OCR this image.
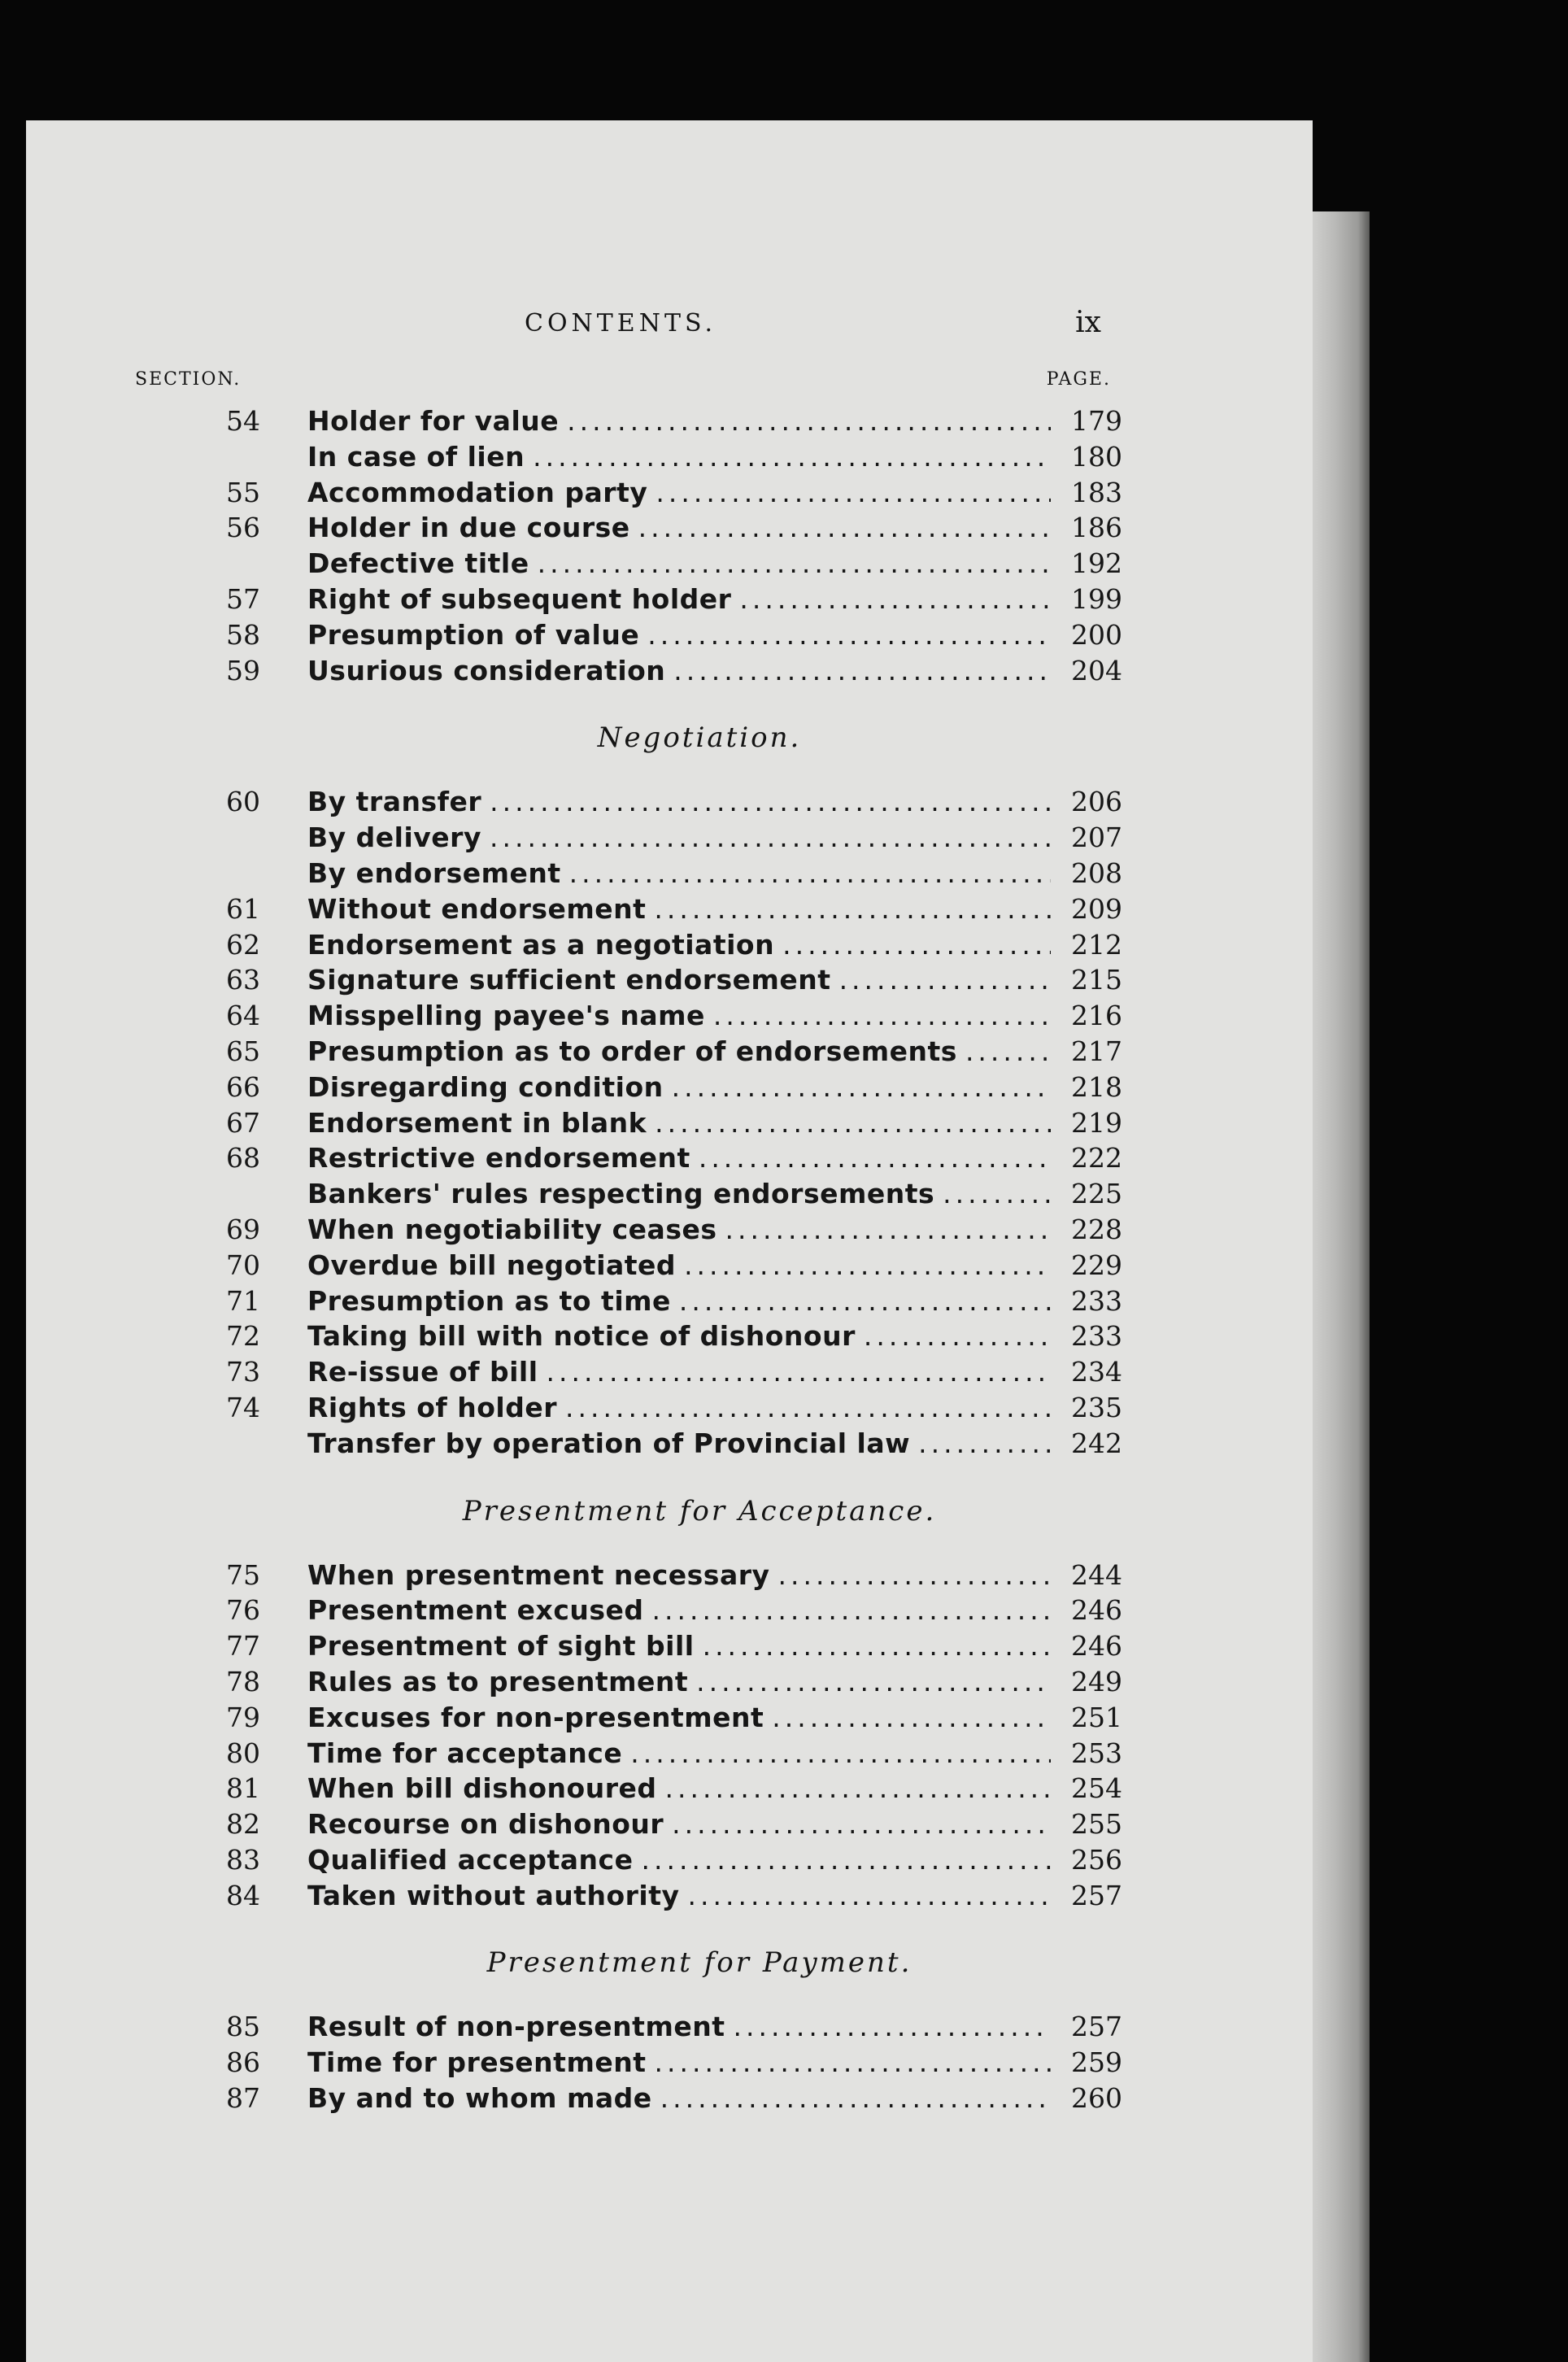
CONTENTS.	ix
SECTION.	PAGE.
54	Holder for value .....	179
In case of lien .....	180
55	Accommodation party .....	183
56	Holder in due course .....	186
Defective title .....	192
57	Right of subsequent holder .....	199
58	Presumption of value .....	200
59	Usurious consideration .....	204
Negotiation.
60	By transfer .....	206
By delivery .....	207
By endorsement .....	208
61	Without endorsement .....	209
62	Endorsement as a negotiation .....	212
63	Signature sufficient endorsement .....	215
64	Misspelling payee's name .....	216
65	Presumption as to order of endorsements .....	217
66	Disregarding condition .....	218
67	Endorsement in blank .....	219
68	Restrictive endorsement .....	222
Bankers' rules respecting endorsements .....	225
69	When negotiability ceases .....	228
70	Overdue bill negotiated .....	229
71	Presumption as to time .....	233
72	Taking bill with notice of dishonour .....	233
73	Re-issue of bill .....	234
74	Rights of holder .....	235
Transfer by operation of Provincial law .....	242
Presentment for Acceptance.
75	When presentment necessary .....	244
76	Presentment excused .....	246
77	Presentment of sight bill .....	246
78	Rules as to presentment .....	249
79	Excuses for non-presentment .....	251
80	Time for acceptance .....	253
81	When bill dishonoured .....	254
82	Recourse on dishonour .....	255
83	Qualified acceptance .....	256
84	Taken without authority .....	257
Presentment for Payment.
85	Result of non-presentment .....	257
86	Time for presentment .....	259
87	By and to whom made .....	260
